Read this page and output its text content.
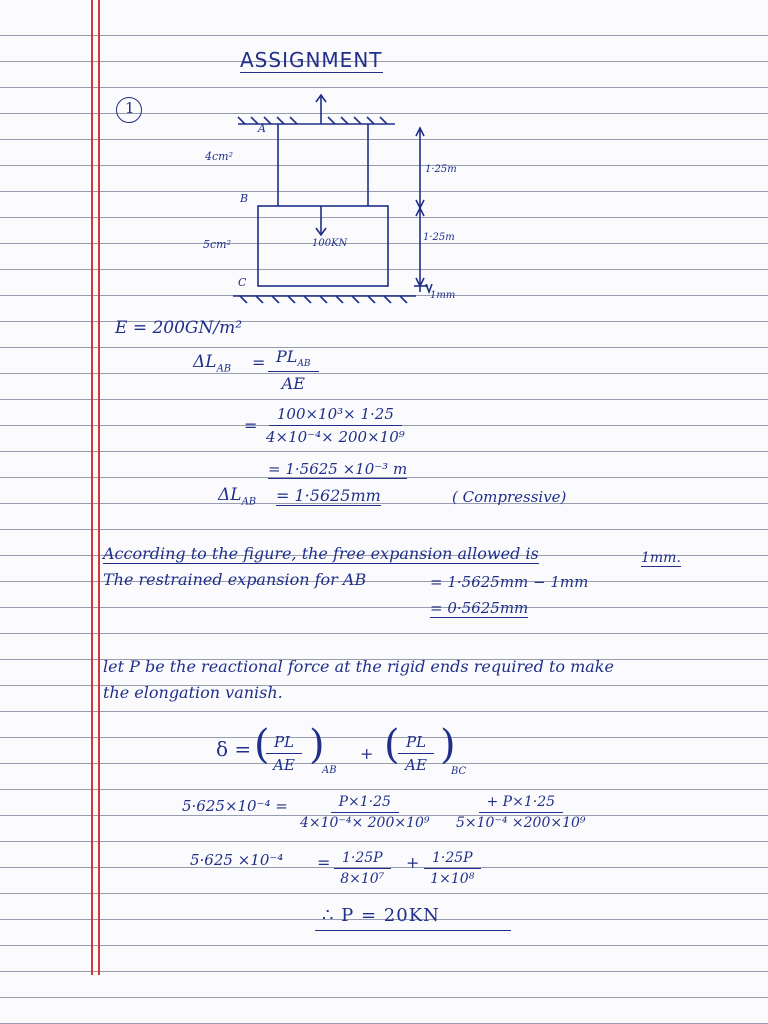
ASSIGNMENT
1
A
B
C
4cm²
5cm²	100KN
1·25m
1·25m
1mm
E = 200GN/m²
$\Delta L_{AB} = PL_{AB}$
AE
= $\frac{\text{100×10³× 1·25}}{\text{4×10⁻⁴× 200×10⁹}}$
= 1·5625 ×10⁻³ m
$\Delta L_{AB} = 1\cdot 5625mm$	( Compressive)
According to the figure, the free expansion allowed is	1mm.
The restrained expansion for AB	= 1·5625mm − 1mm
= 0·5625mm
let P be the reactional force at the rigid ends required to make
the elongation vanish.
δ = (
$\frac{PL}{AE}$ )
AB
+ (
$\frac{PL}{AE}$ )
BC
$5\cdot 625\times 10^{-4} = \frac{P\times 1\cdot 25}{\text{4×10⁻⁴× 200×10⁹}} \frac{+ P\times 1\cdot 25}{\text{5×10⁻⁴ ×200×10⁹}}$
$5\cdot 625 \times 10^{-4} = \frac{1\cdot 25P}{\text{8×10⁷}} + \frac{1\cdot 25P}{\text{1×10⁸}}$
∴ P = 20KN
